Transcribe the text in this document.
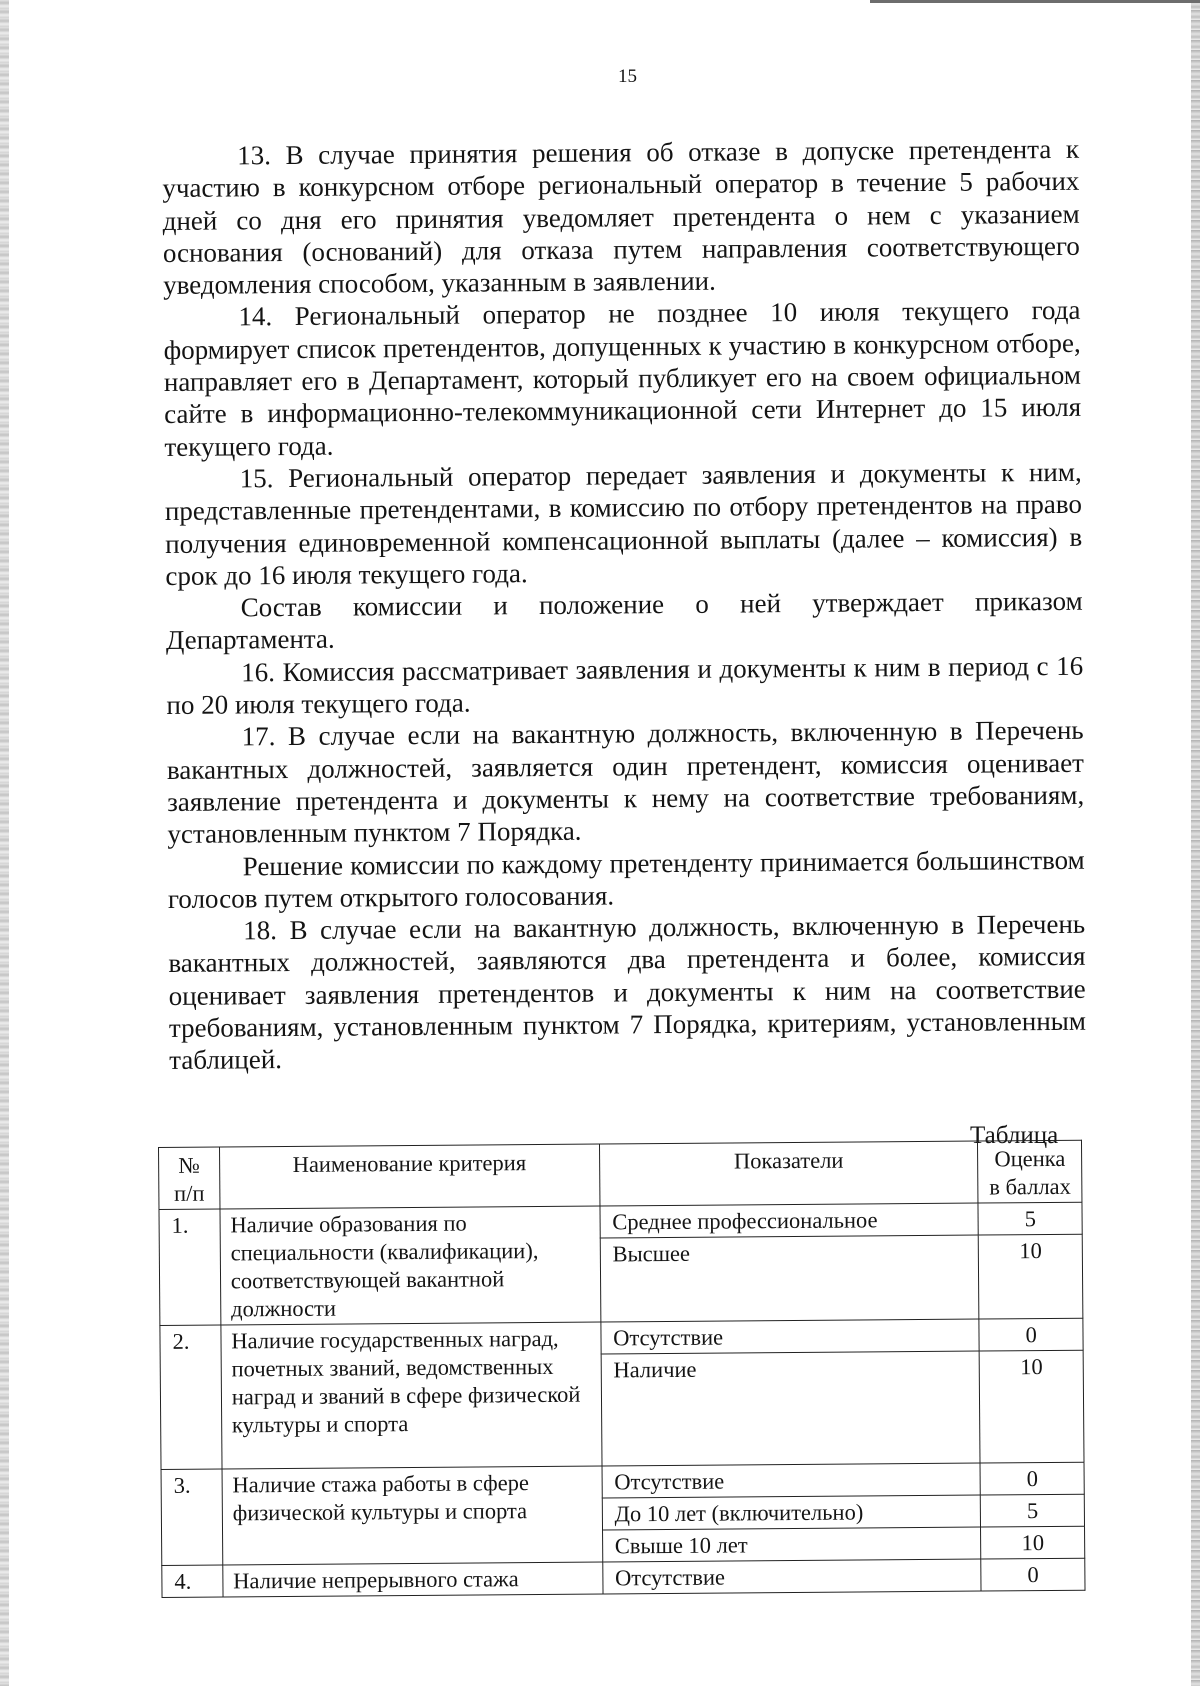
15

13. В случае принятия решения об отказе в допуске претендента к участию в конкурсном отборе региональный оператор в течение 5 рабочих дней со дня его принятия уведомляет претендента о нем с указанием основания (оснований) для отказа путем направления соответствующего уведомления способом, указанным в заявлении.

14. Региональный оператор не позднее 10 июля текущего года формирует список претендентов, допущенных к участию в конкурсном отборе, направляет его в Департамент, который публикует его на своем официальном сайте в информационно-телекоммуникационной сети Интернет до 15 июля текущего года.

15. Региональный оператор передает заявления и документы к ним, представленные претендентами, в комиссию по отбору претендентов на право получения единовременной компенсационной выплаты (далее – комиссия) в срок до 16 июля текущего года.

Состав комиссии и положение о ней утверждает приказом Департамента.

16. Комиссия рассматривает заявления и документы к ним в период с 16 по 20 июля текущего года.

17. В случае если на вакантную должность, включенную в Перечень вакантных должностей, заявляется один претендент, комиссия оценивает заявление претендента и документы к нему на соответствие требованиям, установленным пунктом 7 Порядка.

Решение комиссии по каждому претенденту принимается большинством голосов путем открытого голосования.

18. В случае если на вакантную должность, включенную в Перечень вакантных должностей, заявляются два претендента и более, комиссия оценивает заявления претендентов и документы к ним на соответствие требованиям, установленным пунктом 7 Порядка, критериям, установленным таблицей.

Таблица
№ п/п	Наименование критерия	Показатели	Оценка в баллах
1.	Наличие образования по специальности (квалификации), соответствующей вакантной должности	Среднее профессиональное	5
		Высшее	10
2.	Наличие государственных наград, почетных званий, ведомственных наград и званий в сфере физической культуры и спорта	Отсутствие	0
		Наличие	10
3.	Наличие стажа работы в сфере физической культуры и спорта	Отсутствие	0
		До 10 лет (включительно)	5
		Свыше 10 лет	10
4.	Наличие непрерывного стажа	Отсутствие	0
